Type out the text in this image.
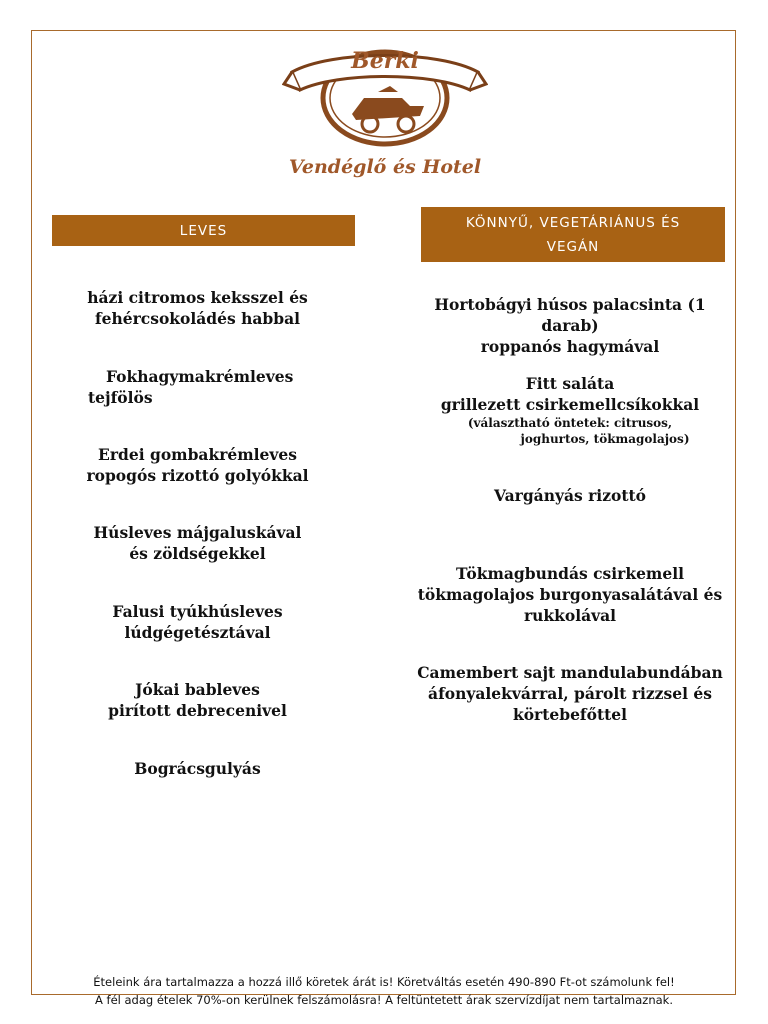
Berki
Vendéglő és Hotel
LEVES
házi citromos keksszel és
fehércsokoládés habbal
Fokhagymakrémleves
tejfölös
Erdei gombakrémleves
ropogós rizottó golyókkal
Húsleves májgaluskával
és zöldségekkel
Falusi tyúkhúsleves
lúdgégetésztával
Jókai bableves
pirított debrecenivel
Bográcsgulyás
KÖNNYŰ, VEGETÁRIÁNUS ÉS VEGÁN
Hortobágyi húsos palacsinta (1 darab)
roppanós hagymával
Fitt saláta
grillezett csirkemellcsíkokkal
(választható öntetek: citrusos,
joghurtos, tökmagolajos)
Vargányás rizottó
Tökmagbundás csirkemell
tökmagolajos burgonyasalátával és
rukkolával
Camembert sajt mandulabundában
áfonyalekvárral, párolt rizzsel és
körtebefőttel
Ételeink ára tartalmazza a hozzá illő köretek árát is! Köretváltás esetén 490-890 Ft-ot számolunk fel!
A fél adag ételek 70%-on kerülnek felszámolásra! A feltüntetett árak szervízdíjat nem tartalmaznak.
